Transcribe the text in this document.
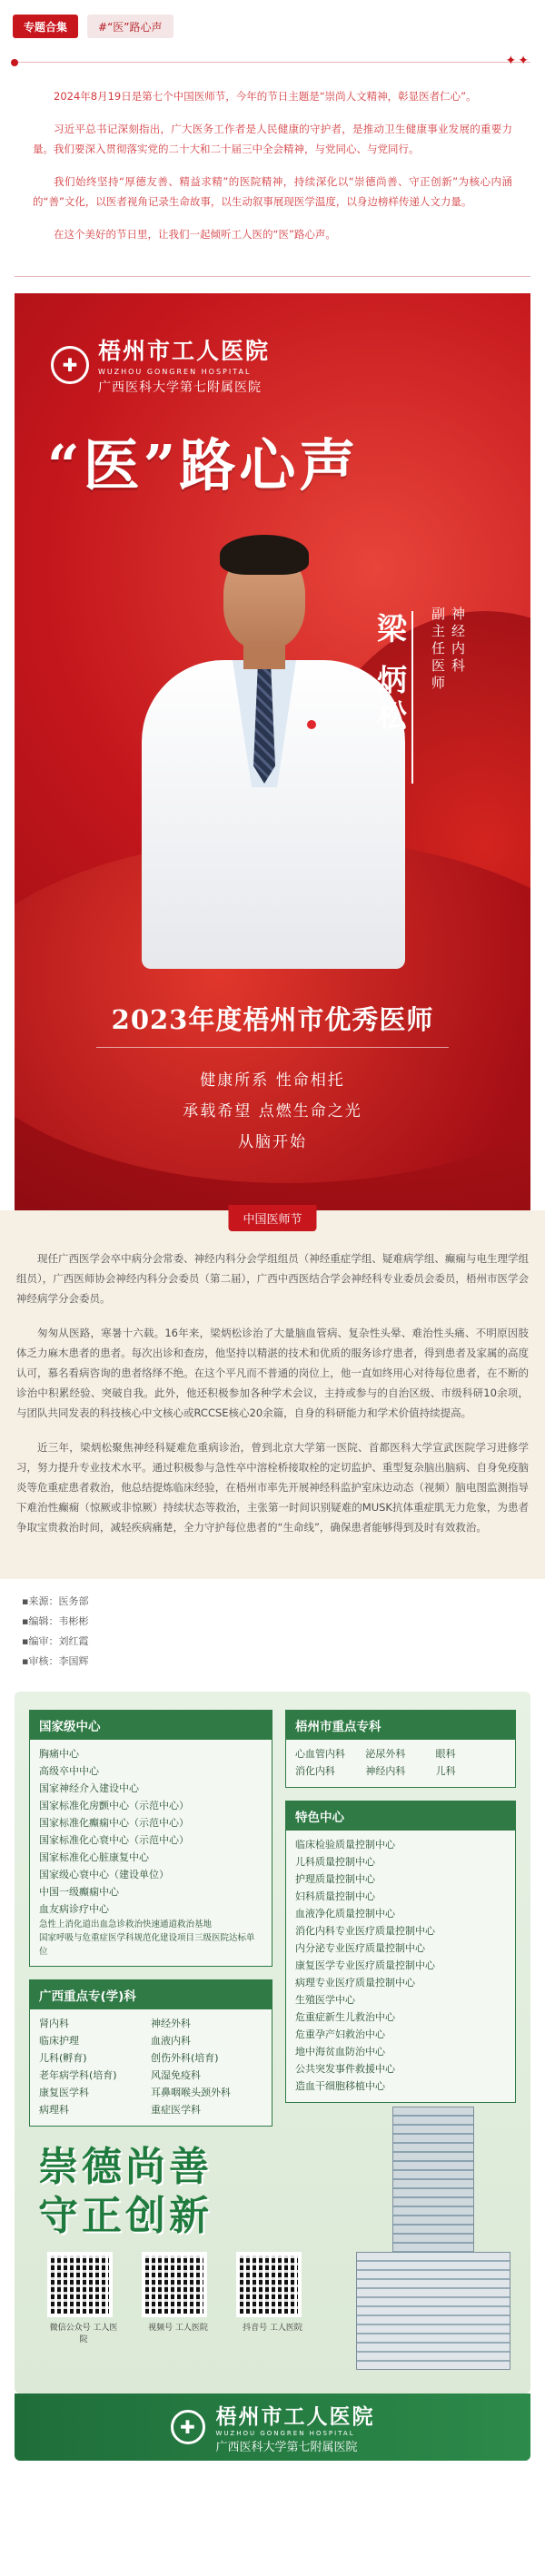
专题合集	#“医”路心声
✦✦

2024年8月19日是第七个中国医师节，今年的节日主题是“崇尚人文精神，彰显医者仁心”。

习近平总书记深刻指出，广大医务工作者是人民健康的守护者，是推动卫生健康事业发展的重要力量。我们要深入贯彻落实党的二十大和二十届三中全会精神，与党同心、与党同行。

我们始终坚持“厚德友善、精益求精”的医院精神，持续深化以“崇德尚善、守正创新”为核心内涵的“善”文化，以医者视角记录生命故事，以生动叙事展现医学温度，以身边榜样传递人文力量。

在这个美好的节日里，让我们一起倾听工人医的“医”路心声。

✚
梧州市工人医院
WUZHOU GONGREN HOSPITAL
广西医科大学第七附属医院
“医”路心声
梁 炳松	神经内科
副主任医师
2023年度梧州市优秀医师
健康所系 性命相托
承载希望 点燃生命之光
从脑开始
中国医师节

现任广西医学会卒中病分会常委、神经内科分会学组组员（神经重症学组、疑难病学组、癫痫与电生理学组组员），广西医师协会神经内科分会委员（第二届），广西中西医结合学会神经科专业委员会委员，梧州市医学会神经病学分会委员。

匆匆从医路，寒暑十六载。16年来，梁炳松诊治了大量脑血管病、复杂性头晕、难治性头痛、不明原因肢体乏力麻木患者的患者。每次出诊和查房，他坚持以精湛的技术和优质的服务诊疗患者，得到患者及家属的高度认可，慕名看病咨询的患者络绎不绝。在这个平凡而不普通的岗位上，他一直如终用心对待每位患者，在不断的诊治中积累经验、突破自我。此外，他还积极参加各种学术会议，主持或参与的自治区级、市级科研10余项，与团队共同发表的科技核心中文核心或RCCSE核心20余篇，自身的科研能力和学术价值持续提高。

近三年，梁炳松聚焦神经科疑难危重病诊治，曾到北京大学第一医院、首都医科大学宣武医院学习进修学习，努力提升专业技术水平。通过积极参与急性卒中溶栓桥接取栓的定切监护、重型复杂脑出脑病、自身免疫脑炎等危重症患者救治，他总结提炼临床经验，在梧州市率先开展神经科监护室床边动态（视频）脑电图监测指导下难治性癫痫（惊厥或非惊厥）持续状态等救治，主张第一时间识别疑难的MUSK抗体重症肌无力危象，为患者争取宝贵救治时间，减轻疾病痛楚，全力守护每位患者的“生命线”，确保患者能够得到及时有效救治。

▪来源：医务部
▪编辑：韦彬彬
▪编审：刘红霞
▪审核：李国辉
国家级中心
胸痛中心
高级卒中中心
国家神经介入建设中心
国家标准化房颤中心（示范中心）
国家标准化癫痫中心（示范中心）
国家标准化心衰中心（示范中心）
国家标准化心脏康复中心
国家级心衰中心（建设单位）
中国一级癫痫中心
血友病诊疗中心
急性上消化道出血急诊救治快速通道救治基地
国家呼吸与危重症医学科规范化建设项目三级医院达标单位
广西重点专(学)科
肾内科	神经外科
临床护理	血液内科
儿科(孵育)	创伤外科(培育)
老年病学科(培育)	风湿免疫科
康复医学科	耳鼻咽喉头颈外科
病理科	重症医学科
梧州市重点专科
心血管内科	泌尿外科	眼科
消化内科	神经内科	儿科
特色中心
临床检验质量控制中心
儿科质量控制中心
护理质量控制中心
妇科质量控制中心
血液净化质量控制中心
消化内科专业医疗质量控制中心
内分泌专业医疗质量控制中心
康复医学专业医疗质量控制中心
病理专业医疗质量控制中心
生殖医学中心
危重症新生儿救治中心
危重孕产妇救治中心
地中海贫血防治中心
公共突发事件救援中心
造血干细胞移植中心
崇德尚善
守正创新
微信公众号 工人医院
视频号 工人医院	抖音号 工人医院
✚ 梧州市工人医院
WUZHOU GONGREN HOSPITAL
广西医科大学第七附属医院
